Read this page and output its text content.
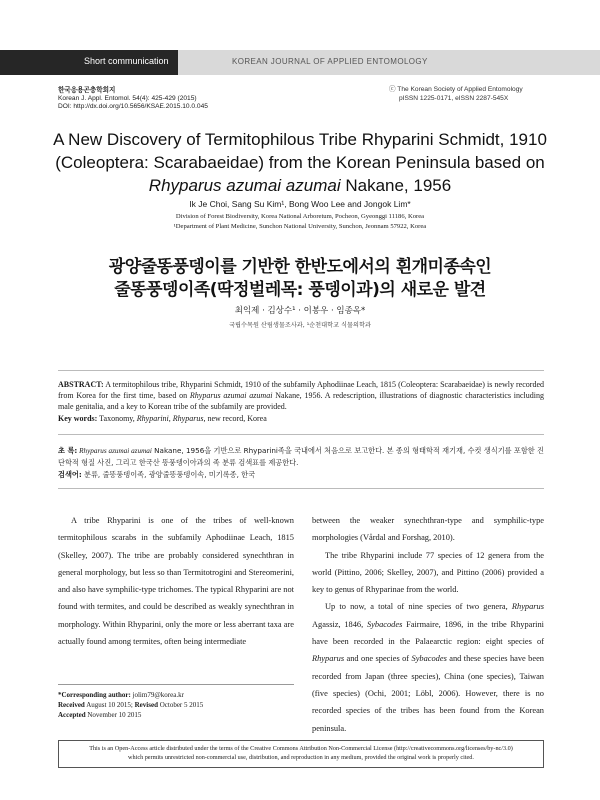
Short communication	KOREAN JOURNAL OF APPLIED ENTOMOLOGY
한국응용곤충학회지
Korean J. Appl. Entomol. 54(4): 425-429 (2015)
DOI: http://dx.doi.org/10.5656/KSAE.2015.10.0.045
ⓒ The Korean Society of Applied Entomology
pISSN 1225-0171, eISSN 2287-545X
A New Discovery of Termitophilous Tribe Rhyparini Schmidt, 1910
(Coleoptera: Scarabaeidae) from the Korean Peninsula based on
Rhyparus azumai azumai Nakane, 1956
Ik Je Choi, Sang Su Kim¹, Bong Woo Lee and Jongok Lim*
Division of Forest Biodiversity, Korea National Arboretum, Pocheon, Gyeonggi 11186, Korea
¹Department of Plant Medicine, Sunchon National University, Sunchon, Jeonnam 57922, Korea
광양줄똥풍뎅이를 기반한 한반도에서의 흰개미종속인
줄똥풍뎅이족(딱정벌레목: 풍뎅이과)의 새로운 발견
최익제 · 김상수¹ · 이봉우 · 임종옥*
국립수목원 산림생물조사과, ¹순천대학교 식물의학과
ABSTRACT: A termitophilous tribe, Rhyparini Schmidt, 1910 of the subfamily Aphodiinae Leach, 1815 (Coleoptera: Scarabaeidae) is newly recorded from Korea for the first time, based on Rhyparus azumai azumai Nakane, 1956. A redescription, illustrations of diagnostic characteristics including male genitalia, and a key to Korean tribe of the subfamily are provided.
Key words: Taxonomy, Rhyparini, Rhyparus, new record, Korea
초 록: Rhyparus azumai azumai Nakane, 1956을 기반으로 Rhyparini족을 국내에서 처음으로 보고한다. 본 종의 형태학적 재기재, 수컷 생식기를 포함한 진단학적 형질 사진, 그리고 한국산 똥풍뎅이아과의 족 분류 검색표를 제공한다.
검색어: 분류, 줄똥풍뎅이족, 광양줄똥풍뎅이속, 미기록종, 한국

A tribe Rhyparini is one of the tribes of well-known termitophilous scarabs in the subfamily Aphodiinae Leach, 1815 (Skelley, 2007). The tribe are probably considered synechthran in general morphology, but less so than Termitotrogini and Stereomerini, and also have symphilic-type trichomes. The typical Rhyparini are not found with termites, and could be described as weakly synechthran in morphology. Within Rhyparini, only the more or less aberrant taxa are actually found among termites, often being intermediate

between the weaker synechthran-type and symphilic-type morphologies (Vårdal and Forshag, 2010).

The tribe Rhyparini include 77 species of 12 genera from the world (Pittino, 2006; Skelley, 2007), and Pittino (2006) provided a key to genus of Rhyparinae from the world.

Up to now, a total of nine species of two genera, Rhyparus Agassiz, 1846, Sybacodes Fairmaire, 1896, in the tribe Rhyparini have been recorded in the Palaearctic region: eight species of Rhyparus and one species of Sybacodes and these species have been recorded from Japan (three species), China (one species), Taiwan (five species) (Ochi, 2001; Löbl, 2006). However, there is no recorded species of the tribes has been found from the Korean peninsula.

*Corresponding author: jolim79@korea.kr
Received August 10 2015; Revised October 5 2015
Accepted November 10 2015
This is an Open-Access article distributed under the terms of the Creative Commons Attribution Non-Commercial License (http://creativecommons.org/licenses/by-nc/3.0)
which permits unrestricted non-commercial use, distribution, and reproduction in any medium, provided the original work is properly cited.
